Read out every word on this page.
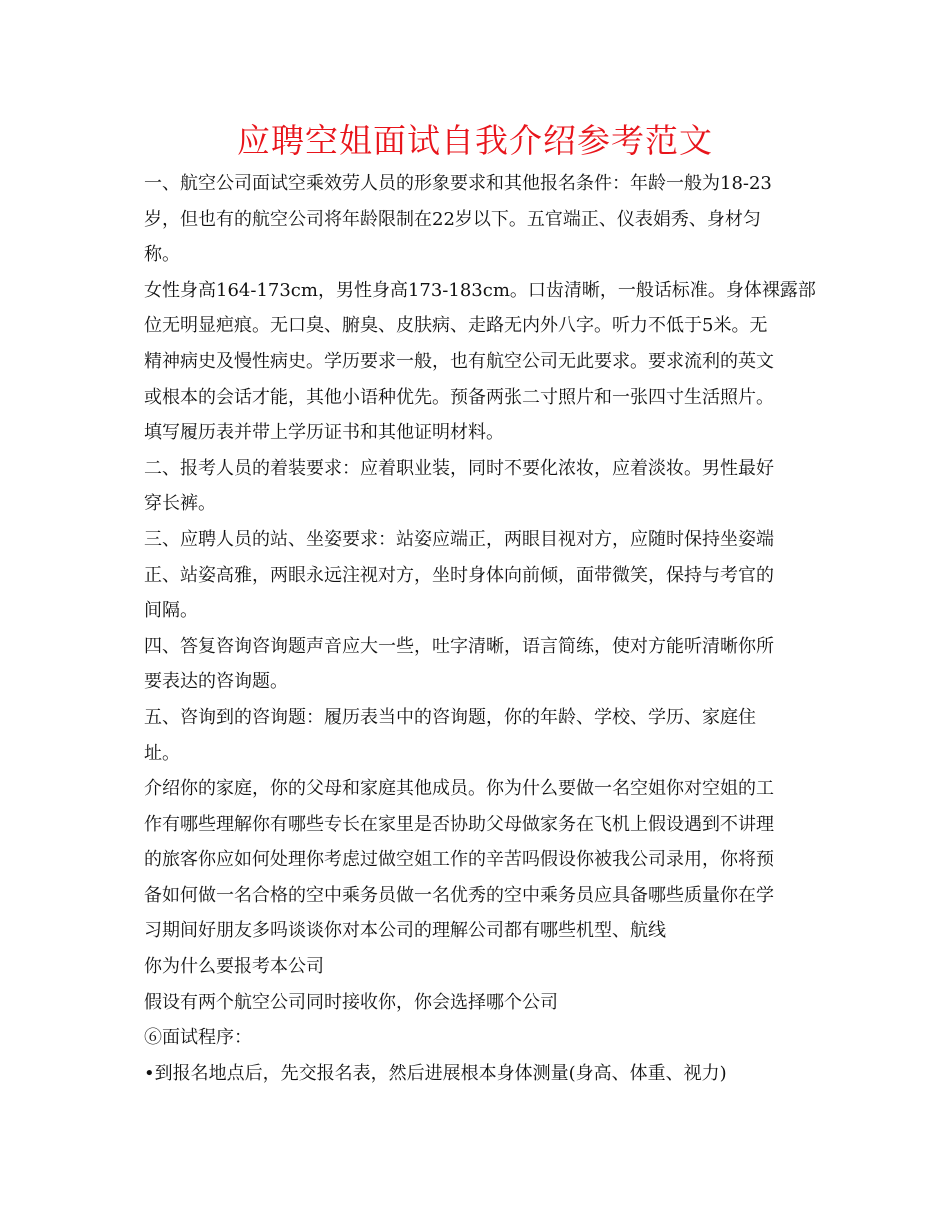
应聘空姐面试自我介绍参考范文
一、航空公司面试空乘效劳人员的形象要求和其他报名条件：年龄一般为18-23
岁，但也有的航空公司将年龄限制在22岁以下。五官端正、仪表娟秀、身材匀
称。
女性身高164-173cm，男性身高173-183cm。口齿清晰，一般话标准。身体裸露部
位无明显疤痕。无口臭、腑臭、皮肤病、走路无内外八字。听力不低于5米。无
精神病史及慢性病史。学历要求一般，也有航空公司无此要求。要求流利的英文
或根本的会话才能，其他小语种优先。预备两张二寸照片和一张四寸生活照片。
填写履历表并带上学历证书和其他证明材料。
二、报考人员的着装要求：应着职业装，同时不要化浓妆，应着淡妆。男性最好
穿长裤。
三、应聘人员的站、坐姿要求：站姿应端正，两眼目视对方，应随时保持坐姿端
正、站姿高雅，两眼永远注视对方，坐时身体向前倾，面带微笑，保持与考官的
间隔。
四、答复咨询咨询题声音应大一些，吐字清晰，语言简练，使对方能听清晰你所
要表达的咨询题。
五、咨询到的咨询题：履历表当中的咨询题，你的年龄、学校、学历、家庭住
址。
介绍你的家庭，你的父母和家庭其他成员。你为什么要做一名空姐你对空姐的工
作有哪些理解你有哪些专长在家里是否协助父母做家务在飞机上假设遇到不讲理
的旅客你应如何处理你考虑过做空姐工作的辛苦吗假设你被我公司录用，你将预
备如何做一名合格的空中乘务员做一名优秀的空中乘务员应具备哪些质量你在学
习期间好朋友多吗谈谈你对本公司的理解公司都有哪些机型、航线
你为什么要报考本公司
假设有两个航空公司同时接收你，你会选择哪个公司
⑥面试程序：
•到报名地点后，先交报名表，然后进展根本身体测量(身高、体重、视力)
